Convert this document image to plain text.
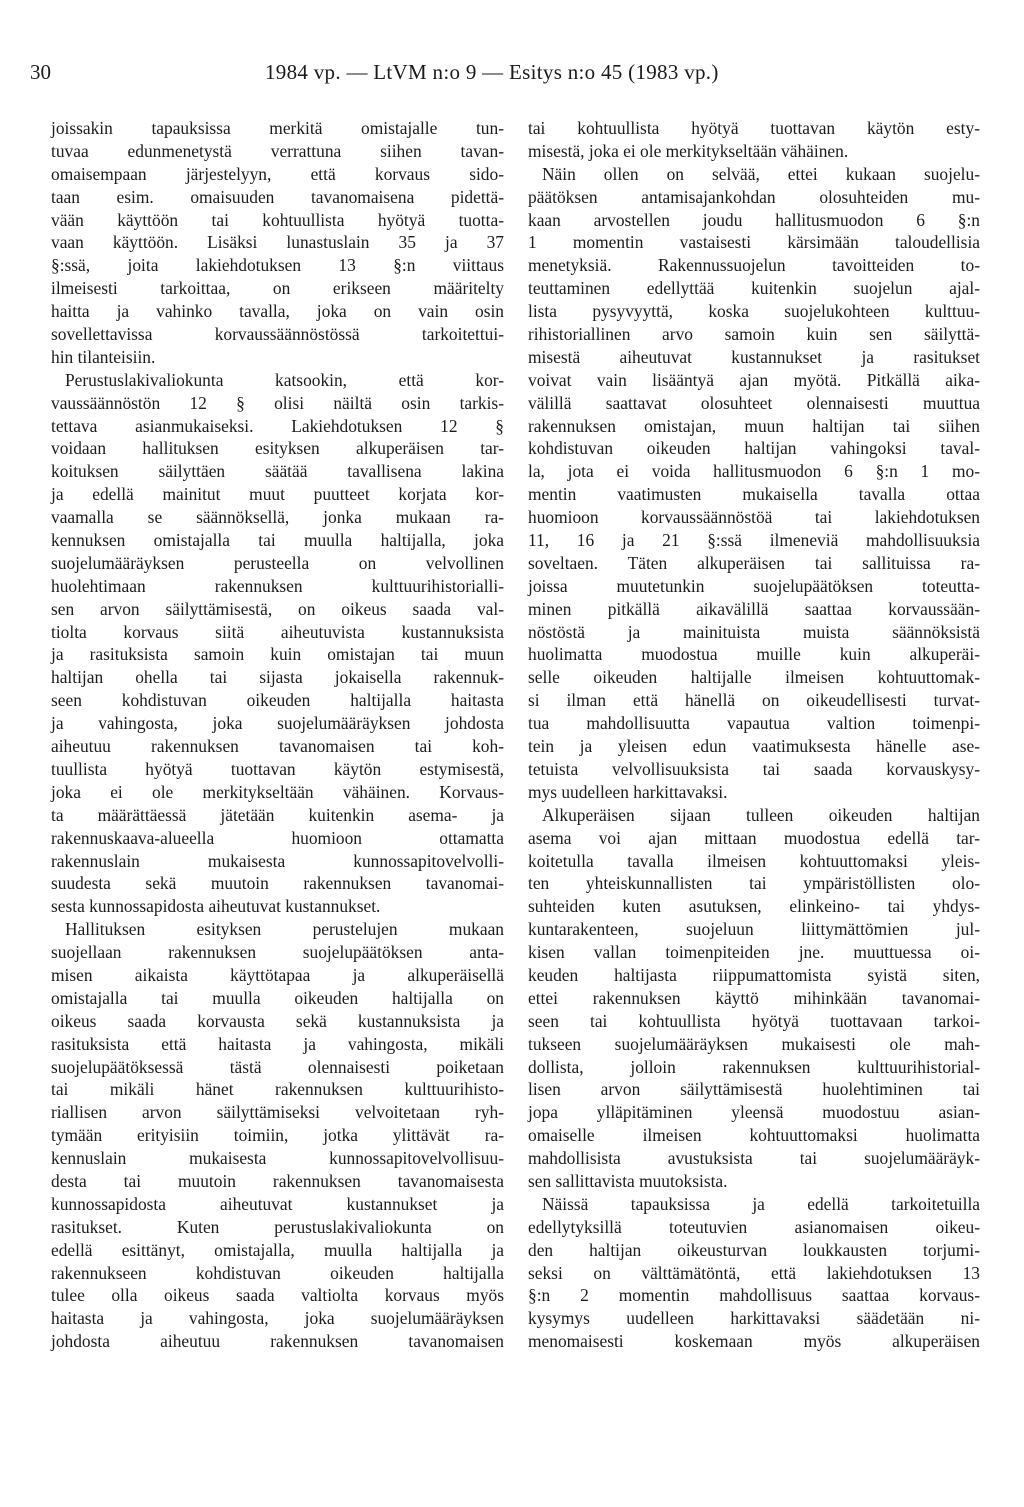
30	1984 vp. — LtVM n:o 9 — Esitys n:o 45 (1983 vp.)
joissakin tapauksissa merkitä omistajalle tun-
tuvaa edunmenetystä verrattuna siihen tavan-
omaisempaan järjestelyyn, että korvaus sido-
taan esim. omaisuuden tavanomaisena pidettä-
vään käyttöön tai kohtuullista hyötyä tuotta-
vaan käyttöön. Lisäksi lunastuslain 35 ja 37
§:ssä, joita lakiehdotuksen 13 §:n viittaus
ilmeisesti tarkoittaa, on erikseen määritelty
haitta ja vahinko tavalla, joka on vain osin
sovellettavissa korvaussäännöstössä tarkoitettui-
hin tilanteisiin.
Perustuslakivaliokunta katsookin, että kor-
vaussäännöstön 12 § olisi näiltä osin tarkis-
tettava asianmukaiseksi. Lakiehdotuksen 12 §
voidaan hallituksen esityksen alkuperäisen tar-
koituksen säilyttäen säätää tavallisena lakina
ja edellä mainitut muut puutteet korjata kor-
vaamalla se säännöksellä, jonka mukaan ra-
kennuksen omistajalla tai muulla haltijalla, joka
suojelumääräyksen perusteella on velvollinen
huolehtimaan rakennuksen kulttuurihistorialli-
sen arvon säilyttämisestä, on oikeus saada val-
tiolta korvaus siitä aiheutuvista kustannuksista
ja rasituksista samoin kuin omistajan tai muun
haltijan ohella tai sijasta jokaisella rakennuk-
seen kohdistuvan oikeuden haltijalla haitasta
ja vahingosta, joka suojelumääräyksen johdosta
aiheutuu rakennuksen tavanomaisen tai koh-
tuullista hyötyä tuottavan käytön estymisestä,
joka ei ole merkitykseltään vähäinen. Korvaus-
ta määrättäessä jätetään kuitenkin asema- ja
rakennuskaava-alueella huomioon ottamatta
rakennuslain mukaisesta kunnossapitovelvolli-
suudesta sekä muutoin rakennuksen tavanomai-
sesta kunnossapidosta aiheutuvat kustannukset.
Hallituksen esityksen perustelujen mukaan
suojellaan rakennuksen suojelupäätöksen anta-
misen aikaista käyttötapaa ja alkuperäisellä
omistajalla tai muulla oikeuden haltijalla on
oikeus saada korvausta sekä kustannuksista ja
rasituksista että haitasta ja vahingosta, mikäli
suojelupäätöksessä tästä olennaisesti poiketaan
tai mikäli hänet rakennuksen kulttuurihisto-
riallisen arvon säilyttämiseksi velvoitetaan ryh-
tymään erityisiin toimiin, jotka ylittävät ra-
kennuslain mukaisesta kunnossapitovelvollisuu-
desta tai muutoin rakennuksen tavanomaisesta
kunnossapidosta aiheutuvat kustannukset ja
rasitukset. Kuten perustuslakivaliokunta on
edellä esittänyt, omistajalla, muulla haltijalla ja
rakennukseen kohdistuvan oikeuden haltijalla
tulee olla oikeus saada valtiolta korvaus myös
haitasta ja vahingosta, joka suojelumääräyksen
johdosta aiheutuu rakennuksen tavanomaisen
tai kohtuullista hyötyä tuottavan käytön esty-
misestä, joka ei ole merkitykseltään vähäinen.
Näin ollen on selvää, ettei kukaan suojelu-
päätöksen antamisajankohdan olosuhteiden mu-
kaan arvostellen joudu hallitusmuodon 6 §:n
1 momentin vastaisesti kärsimään taloudellisia
menetyksiä. Rakennussuojelun tavoitteiden to-
teuttaminen edellyttää kuitenkin suojelun ajal-
lista pysyvyyttä, koska suojelukohteen kulttuu-
rihistoriallinen arvo samoin kuin sen säilyttä-
misestä aiheutuvat kustannukset ja rasitukset
voivat vain lisääntyä ajan myötä. Pitkällä aika-
välillä saattavat olosuhteet olennaisesti muuttua
rakennuksen omistajan, muun haltijan tai siihen
kohdistuvan oikeuden haltijan vahingoksi taval-
la, jota ei voida hallitusmuodon 6 §:n 1 mo-
mentin vaatimusten mukaisella tavalla ottaa
huomioon korvaussäännöstöä tai lakiehdotuksen
11, 16 ja 21 §:ssä ilmeneviä mahdollisuuksia
soveltaen. Täten alkuperäisen tai sallituissa ra-
joissa muutetunkin suojelupäätöksen toteutta-
minen pitkällä aikavälillä saattaa korvaussään-
nöstöstä ja mainituista muista säännöksistä
huolimatta muodostua muille kuin alkuperäi-
selle oikeuden haltijalle ilmeisen kohtuuttomak-
si ilman että hänellä on oikeudellisesti turvat-
tua mahdollisuutta vapautua valtion toimenpi-
tein ja yleisen edun vaatimuksesta hänelle ase-
tetuista velvollisuuksista tai saada korvauskysy-
mys uudelleen harkittavaksi.
Alkuperäisen sijaan tulleen oikeuden haltijan
asema voi ajan mittaan muodostua edellä tar-
koitetulla tavalla ilmeisen kohtuuttomaksi yleis-
ten yhteiskunnallisten tai ympäristöllisten olo-
suhteiden kuten asutuksen, elinkeino- tai yhdys-
kuntarakenteen, suojeluun liittymättömien jul-
kisen vallan toimenpiteiden jne. muuttuessa oi-
keuden haltijasta riippumattomista syistä siten,
ettei rakennuksen käyttö mihinkään tavanomai-
seen tai kohtuullista hyötyä tuottavaan tarkoi-
tukseen suojelumääräyksen mukaisesti ole mah-
dollista, jolloin rakennuksen kulttuurihistorial-
lisen arvon säilyttämisestä huolehtiminen tai
jopa ylläpitäminen yleensä muodostuu asian-
omaiselle ilmeisen kohtuuttomaksi huolimatta
mahdollisista avustuksista tai suojelumääräyk-
sen sallittavista muutoksista.
Näissä tapauksissa ja edellä tarkoitetuilla
edellytyksillä toteutuvien asianomaisen oikeu-
den haltijan oikeusturvan loukkausten torjumi-
seksi on välttämätöntä, että lakiehdotuksen 13
§:n 2 momentin mahdollisuus saattaa korvaus-
kysymys uudelleen harkittavaksi säädetään ni-
menomaisesti koskemaan myös alkuperäisen
